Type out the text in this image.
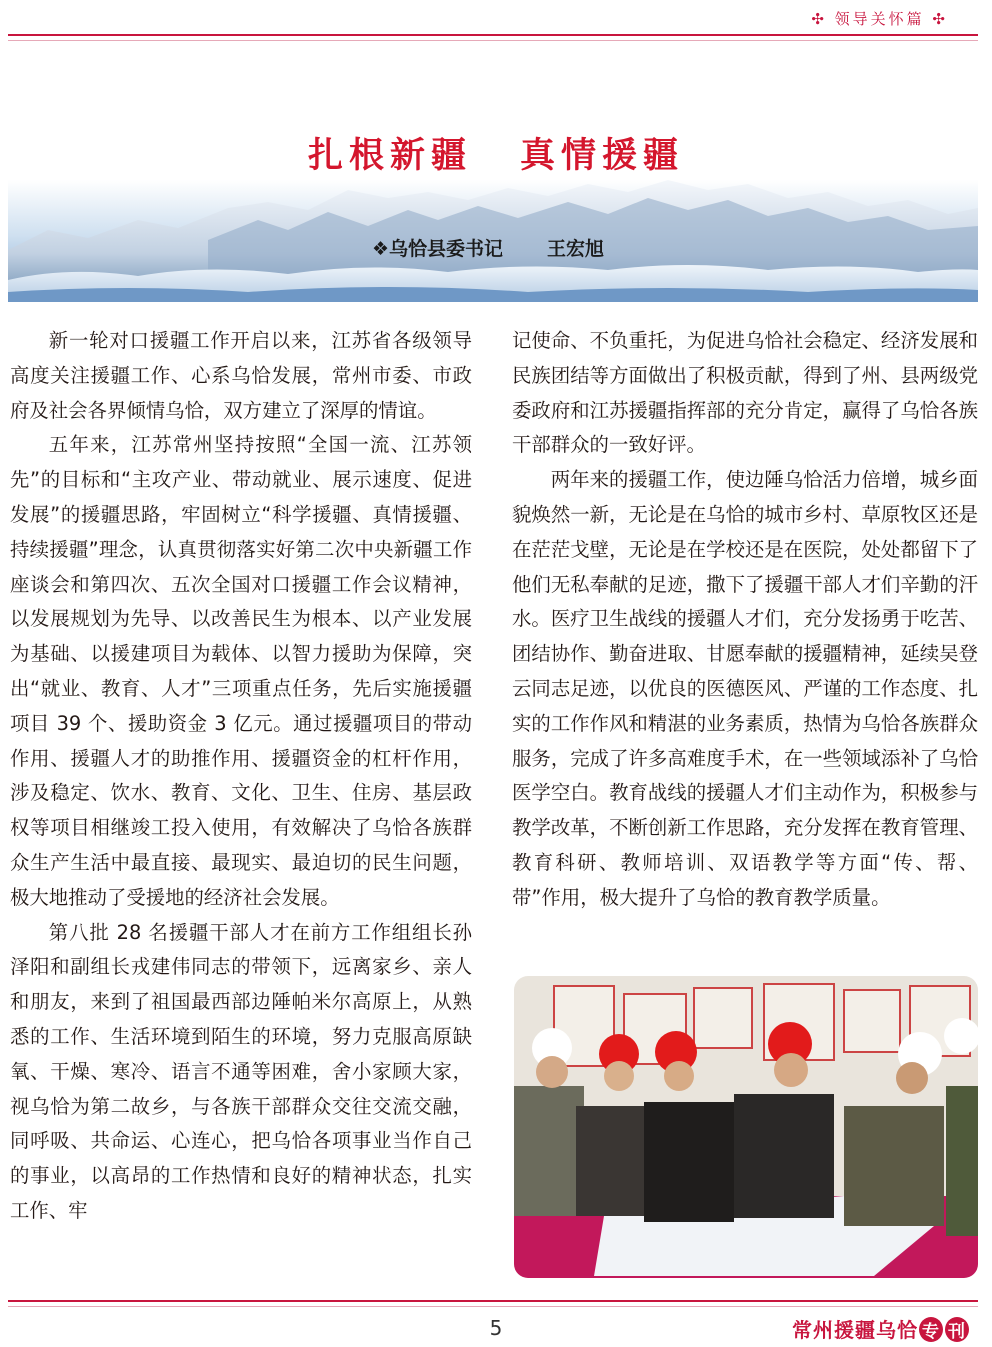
✣ 领导关怀篇 ✣
扎根新疆 真情援疆
❖乌恰县委书记 王宏旭

新一轮对口援疆工作开启以来，江苏省各级领导高度关注援疆工作、心系乌恰发展，常州市委、市政府及社会各界倾情乌恰，双方建立了深厚的情谊。

五年来，江苏常州坚持按照“全国一流、江苏领先”的目标和“主攻产业、带动就业、展示速度、促进发展”的援疆思路，牢固树立“科学援疆、真情援疆、持续援疆”理念，认真贯彻落实好第二次中央新疆工作座谈会和第四次、五次全国对口援疆工作会议精神，以发展规划为先导、以改善民生为根本、以产业发展为基础、以援建项目为载体、以智力援助为保障，突出“就业、教育、人才”三项重点任务，先后实施援疆项目 39 个、援助资金 3 亿元。通过援疆项目的带动作用、援疆人才的助推作用、援疆资金的杠杆作用，涉及稳定、饮水、教育、文化、卫生、住房、基层政权等项目相继竣工投入使用，有效解决了乌恰各族群众生产生活中最直接、最现实、最迫切的民生问题，极大地推动了受援地的经济社会发展。

第八批 28 名援疆干部人才在前方工作组组长孙泽阳和副组长戎建伟同志的带领下，远离家乡、亲人和朋友，来到了祖国最西部边陲帕米尔高原上，从熟悉的工作、生活环境到陌生的环境，努力克服高原缺氧、干燥、寒冷、语言不通等困难，舍小家顾大家，视乌恰为第二故乡，与各族干部群众交往交流交融，同呼吸、共命运、心连心，把乌恰各项事业当作自己的事业，以高昂的工作热情和良好的精神状态，扎实工作、牢

记使命、不负重托，为促进乌恰社会稳定、经济发展和民族团结等方面做出了积极贡献，得到了州、县两级党委政府和江苏援疆指挥部的充分肯定，赢得了乌恰各族干部群众的一致好评。

两年来的援疆工作，使边陲乌恰活力倍增，城乡面貌焕然一新，无论是在乌恰的城市乡村、草原牧区还是在茫茫戈壁，无论是在学校还是在医院，处处都留下了他们无私奉献的足迹，撒下了援疆干部人才们辛勤的汗水。医疗卫生战线的援疆人才们，充分发扬勇于吃苦、团结协作、勤奋进取、甘愿奉献的援疆精神，延续吴登云同志足迹，以优良的医德医风、严谨的工作态度、扎实的工作作风和精湛的业务素质，热情为乌恰各族群众服务，完成了许多高难度手术，在一些领域添补了乌恰医学空白。教育战线的援疆人才们主动作为，积极参与教学改革，不断创新工作思路，充分发挥在教育管理、教育科研、教师培训、双语教学等方面“传、帮、带”作用，极大提升了乌恰的教育教学质量。

5	常州援疆乌恰 专 刊
